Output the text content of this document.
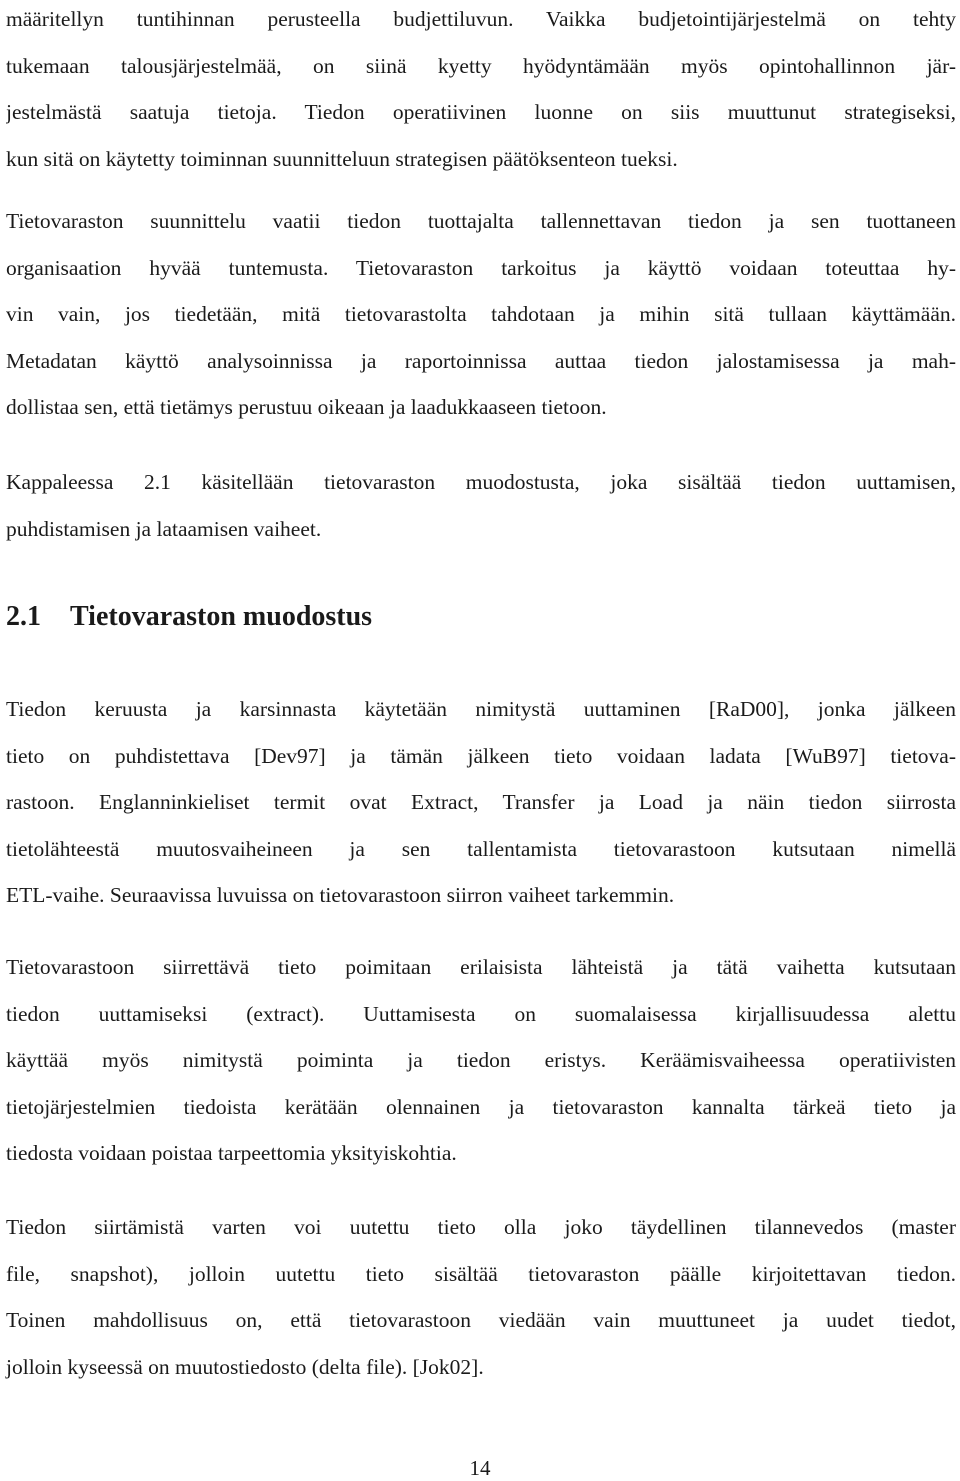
määritellyn tuntihinnan perusteella budjettiluvun. Vaikka budjetointijärjestelmä on tehty
tukemaan talousjärjestelmää, on siinä kyetty hyödyntämään myös opintohallinnon jär-
jestelmästä saatuja tietoja. Tiedon operatiivinen luonne on siis muuttunut strategiseksi,
kun sitä on käytetty toiminnan suunnitteluun strategisen päätöksenteon tueksi.

Tietovaraston suunnittelu vaatii tiedon tuottajalta tallennettavan tiedon ja sen tuottaneen
organisaation hyvää tuntemusta. Tietovaraston tarkoitus ja käyttö voidaan toteuttaa hy-
vin vain, jos tiedetään, mitä tietovarastolta tahdotaan ja mihin sitä tullaan käyttämään.
Metadatan käyttö analysoinnissa ja raportoinnissa auttaa tiedon jalostamisessa ja mah-
dollistaa sen, että tietämys perustuu oikeaan ja laadukkaaseen tietoon.

Kappaleessa 2.1 käsitellään tietovaraston muodostusta, joka sisältää tiedon uuttamisen,
puhdistamisen ja lataamisen vaiheet.

2.1 Tietovaraston muodostus

Tiedon keruusta ja karsinnasta käytetään nimitystä uuttaminen [RaD00], jonka jälkeen
tieto on puhdistettava [Dev97] ja tämän jälkeen tieto voidaan ladata [WuB97] tietova-
rastoon. Englanninkieliset termit ovat Extract, Transfer ja Load ja näin tiedon siirrosta
tietolähteestä muutosvaiheineen ja sen tallentamista tietovarastoon kutsutaan nimellä
ETL-vaihe. Seuraavissa luvuissa on tietovarastoon siirron vaiheet tarkemmin.

Tietovarastoon siirrettävä tieto poimitaan erilaisista lähteistä ja tätä vaihetta kutsutaan
tiedon uuttamiseksi (extract). Uuttamisesta on suomalaisessa kirjallisuudessa alettu
käyttää myös nimitystä poiminta ja tiedon eristys. Keräämisvaiheessa operatiivisten
tietojärjestelmien tiedoista kerätään olennainen ja tietovaraston kannalta tärkeä tieto ja
tiedosta voidaan poistaa tarpeettomia yksityiskohtia.

Tiedon siirtämistä varten voi uutettu tieto olla joko täydellinen tilannevedos (master
file, snapshot), jolloin uutettu tieto sisältää tietovaraston päälle kirjoitettavan tiedon.
Toinen mahdollisuus on, että tietovarastoon viedään vain muuttuneet ja uudet tiedot,
jolloin kyseessä on muutostiedosto (delta file). [Jok02].

14
